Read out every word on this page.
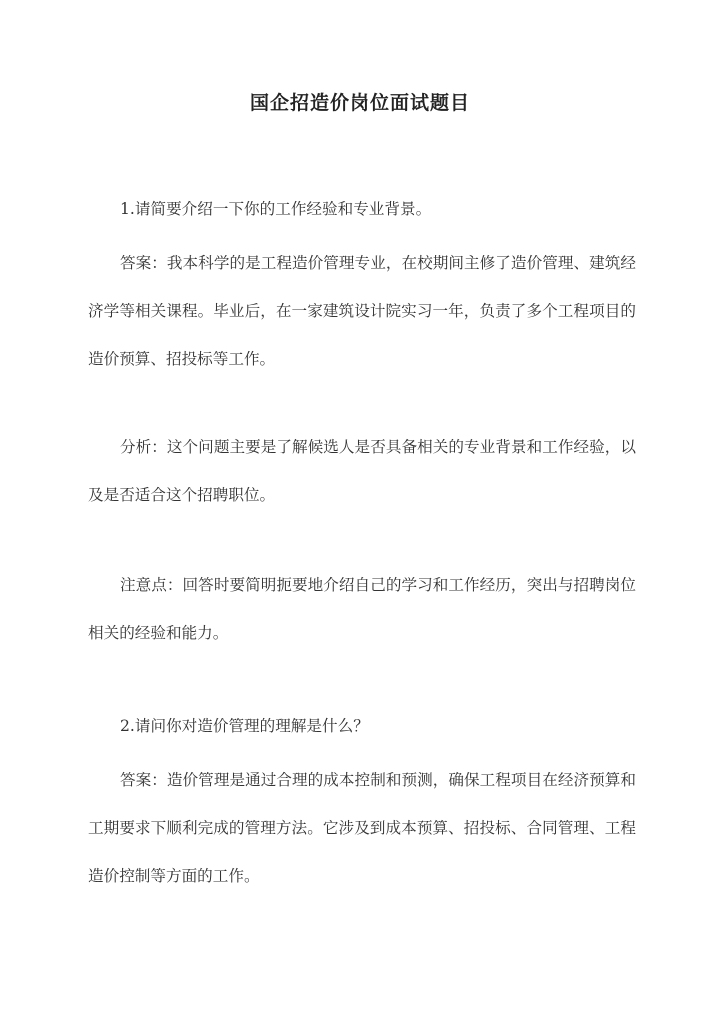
国企招造价岗位面试题目

1.请简要介绍一下你的工作经验和专业背景。

答案：我本科学的是工程造价管理专业，在校期间主修了造价管理、建筑经济学等相关课程。毕业后，在一家建筑设计院实习一年，负责了多个工程项目的造价预算、招投标等工作。

分析：这个问题主要是了解候选人是否具备相关的专业背景和工作经验，以及是否适合这个招聘职位。

注意点：回答时要简明扼要地介绍自己的学习和工作经历，突出与招聘岗位相关的经验和能力。

2.请问你对造价管理的理解是什么？

答案：造价管理是通过合理的成本控制和预测，确保工程项目在经济预算和工期要求下顺利完成的管理方法。它涉及到成本预算、招投标、合同管理、工程造价控制等方面的工作。
